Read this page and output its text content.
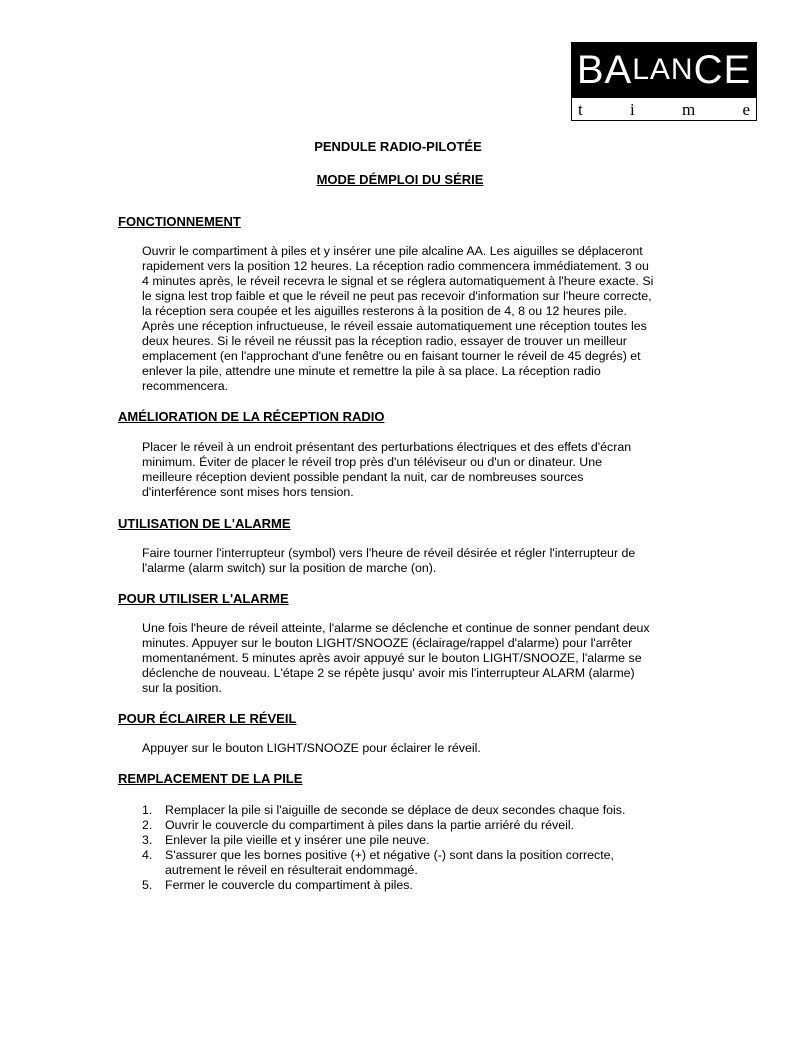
B A L A N C E
t	i	m	e
PENDULE RADIO-PILOTÉE
MODE DÉMPLOI DU SÉRIE
FONCTIONNEMENT
Ouvrir le compartiment à piles et y insérer une pile alcaline AA. Les aiguilles se déplaceront
rapidement vers la position 12 heures. La réception radio commencera immédiatement. 3 ou
4 minutes après, le réveil recevra le signal et se réglera automatiquement à l'heure exacte. Si
le signa lest trop faible et que le réveil ne peut pas recevoir d'information sur l'heure correcte,
la réception sera coupée et les aiguilles resterons à la position de 4, 8 ou 12 heures pile.
Après une réception infructueuse, le réveil essaie automatiquement une réception toutes les
deux heures. Si le réveil ne réussit pas la réception radio, essayer de trouver un meilleur
emplacement (en l'approchant d'une fenêtre ou en faisant tourner le réveil de 45 degrés) et
enlever la pile, attendre une minute et remettre la pile à sa place. La réception radio
recommencera.
AMÉLIORATION DE LA RÉCEPTION RADIO
Placer le réveil à un endroit présentant des perturbations électriques et des effets d'écran
minimum. Éviter de placer le réveil trop près d'un téléviseur ou d'un or dinateur. Une
meilleure réception devient possible pendant la nuit, car de nombreuses sources
d'interférence sont mises hors tension.
UTILISATION DE L'ALARME
Faire tourner l'interrupteur (symbol) vers l'heure de réveil désirée et régler l'interrupteur de
l'alarme (alarm switch) sur la position de marche (on).
POUR UTILISER L'ALARME
Une fois l'heure de réveil atteinte, l'alarme se déclenche et continue de sonner pendant deux
minutes. Appuyer sur le bouton LIGHT/SNOOZE (éclairage/rappel d'alarme) pour l'arrêter
momentanément. 5 minutes après avoir appuyé sur le bouton LIGHT/SNOOZE, l'alarme se
déclenche de nouveau. L'étape 2 se répète jusqu' avoir mis l'interrupteur ALARM (alarme)
sur la position.
POUR ÉCLAIRER LE RÉVEIL
Appuyer sur le bouton LIGHT/SNOOZE pour éclairer le réveil.
REMPLACEMENT DE LA PILE
1. Remplacer la pile si l'aiguille de seconde se déplace de deux secondes chaque fois.
2. Ouvrir le couvercle du compartiment à piles dans la partie arriéré du réveil.
3. Enlever la pile vieille et y insérer une pile neuve.
4. S'assurer que les bornes positive (+) et négative (-) sont dans la position correcte,
autrement le réveil en résulterait endommagé.
5. Fermer le couvercle du compartiment à piles.
